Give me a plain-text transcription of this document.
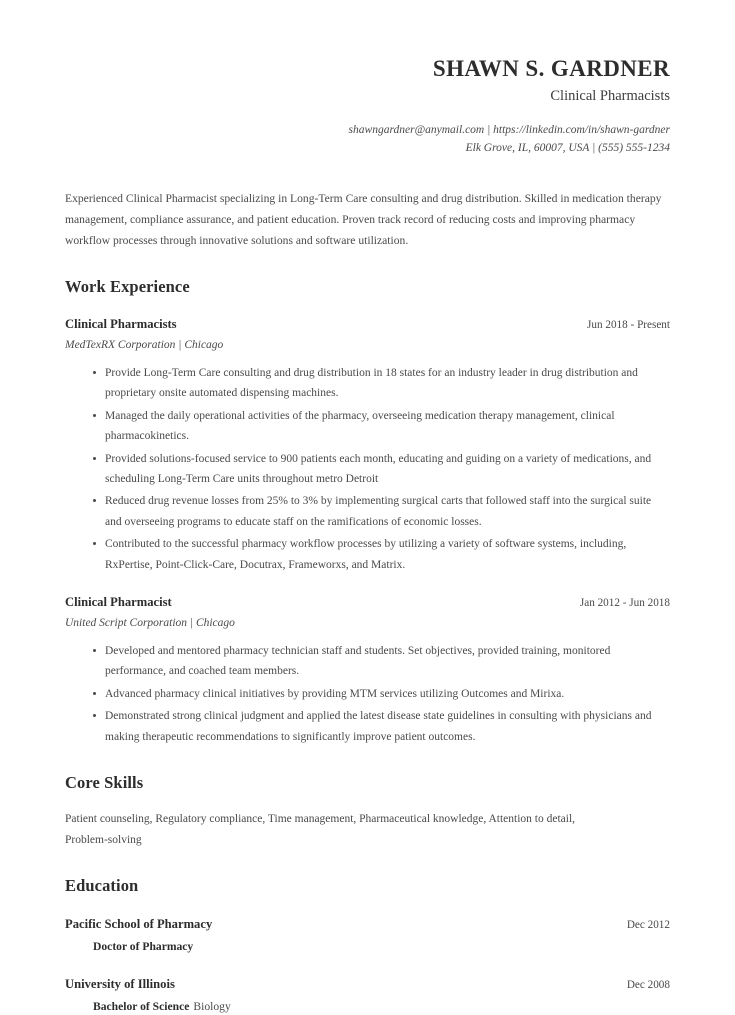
SHAWN S. GARDNER
Clinical Pharmacists
shawngardner@anymail.com | https://linkedin.com/in/shawn-gardner
Elk Grove, IL, 60007, USA | (555) 555-1234
Experienced Clinical Pharmacist specializing in Long-Term Care consulting and drug distribution. Skilled in medication therapy management, compliance assurance, and patient education. Proven track record of reducing costs and improving pharmacy workflow processes through innovative solutions and software utilization.
Work Experience
Clinical Pharmacists	Jun 2018 - Present
MedTexRX Corporation | Chicago
Provide Long-Term Care consulting and drug distribution in 18 states for an industry leader in drug distribution and proprietary onsite automated dispensing machines.
Managed the daily operational activities of the pharmacy, overseeing medication therapy management, clinical pharmacokinetics.
Provided solutions-focused service to 900 patients each month, educating and guiding on a variety of medications, and scheduling Long-Term Care units throughout metro Detroit
Reduced drug revenue losses from 25% to 3% by implementing surgical carts that followed staff into the surgical suite and overseeing programs to educate staff on the ramifications of economic losses.
Contributed to the successful pharmacy workflow processes by utilizing a variety of software systems, including, RxPertise, Point-Click-Care, Docutrax, Frameworxs, and Matrix.
Clinical Pharmacist	Jan 2012 - Jun 2018
United Script Corporation | Chicago
Developed and mentored pharmacy technician staff and students. Set objectives, provided training, monitored performance, and coached team members.
Advanced pharmacy clinical initiatives by providing MTM services utilizing Outcomes and Mirixa.
Demonstrated strong clinical judgment and applied the latest disease state guidelines in consulting with physicians and making therapeutic recommendations to significantly improve patient outcomes.
Core Skills
Patient counseling, Regulatory compliance, Time management, Pharmaceutical knowledge, Attention to detail, Problem-solving
Education
Pacific School of Pharmacy	Dec 2012
Doctor of Pharmacy
University of Illinois	Dec 2008
Bachelor of Science Biology
